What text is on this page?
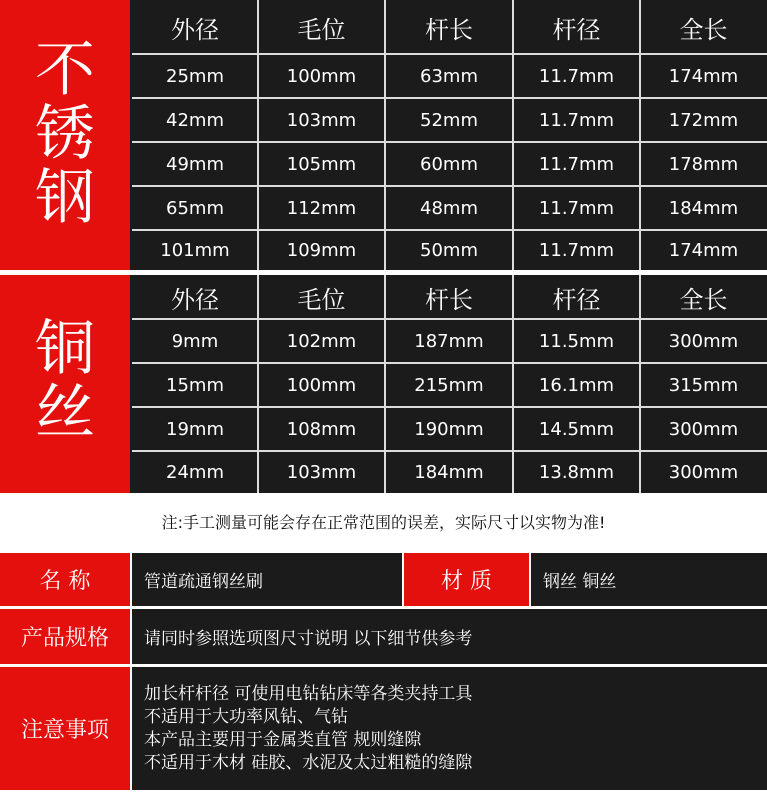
不
锈
钢
外径	毛位	杆长	杆径	全长
25mm	100mm	63mm	11.7mm	174mm
42mm	103mm	52mm	11.7mm	172mm
49mm	105mm	60mm	11.7mm	178mm
65mm	112mm	48mm	11.7mm	184mm
101mm	109mm	50mm	11.7mm	174mm
铜
丝
外径	毛位	杆长	杆径	全长
9mm	102mm	187mm	11.5mm	300mm
15mm	100mm	215mm	16.1mm	315mm
19mm	108mm	190mm	14.5mm	300mm
24mm	103mm	184mm	13.8mm	300mm
注:手工测量可能会存在正常范围的误差，实际尺寸以实物为准!
名 称	管道疏通钢丝刷	材 质	钢丝 铜丝
产品规格	请同时参照选项图尺寸说明 以下细节供参考
注意事项
加长杆杆径 可使用电钻钻床等各类夹持工具
不适用于大功率风钻、气钻
本产品主要用于金属类直管 规则缝隙
不适用于木材 硅胶、水泥及太过粗糙的缝隙
